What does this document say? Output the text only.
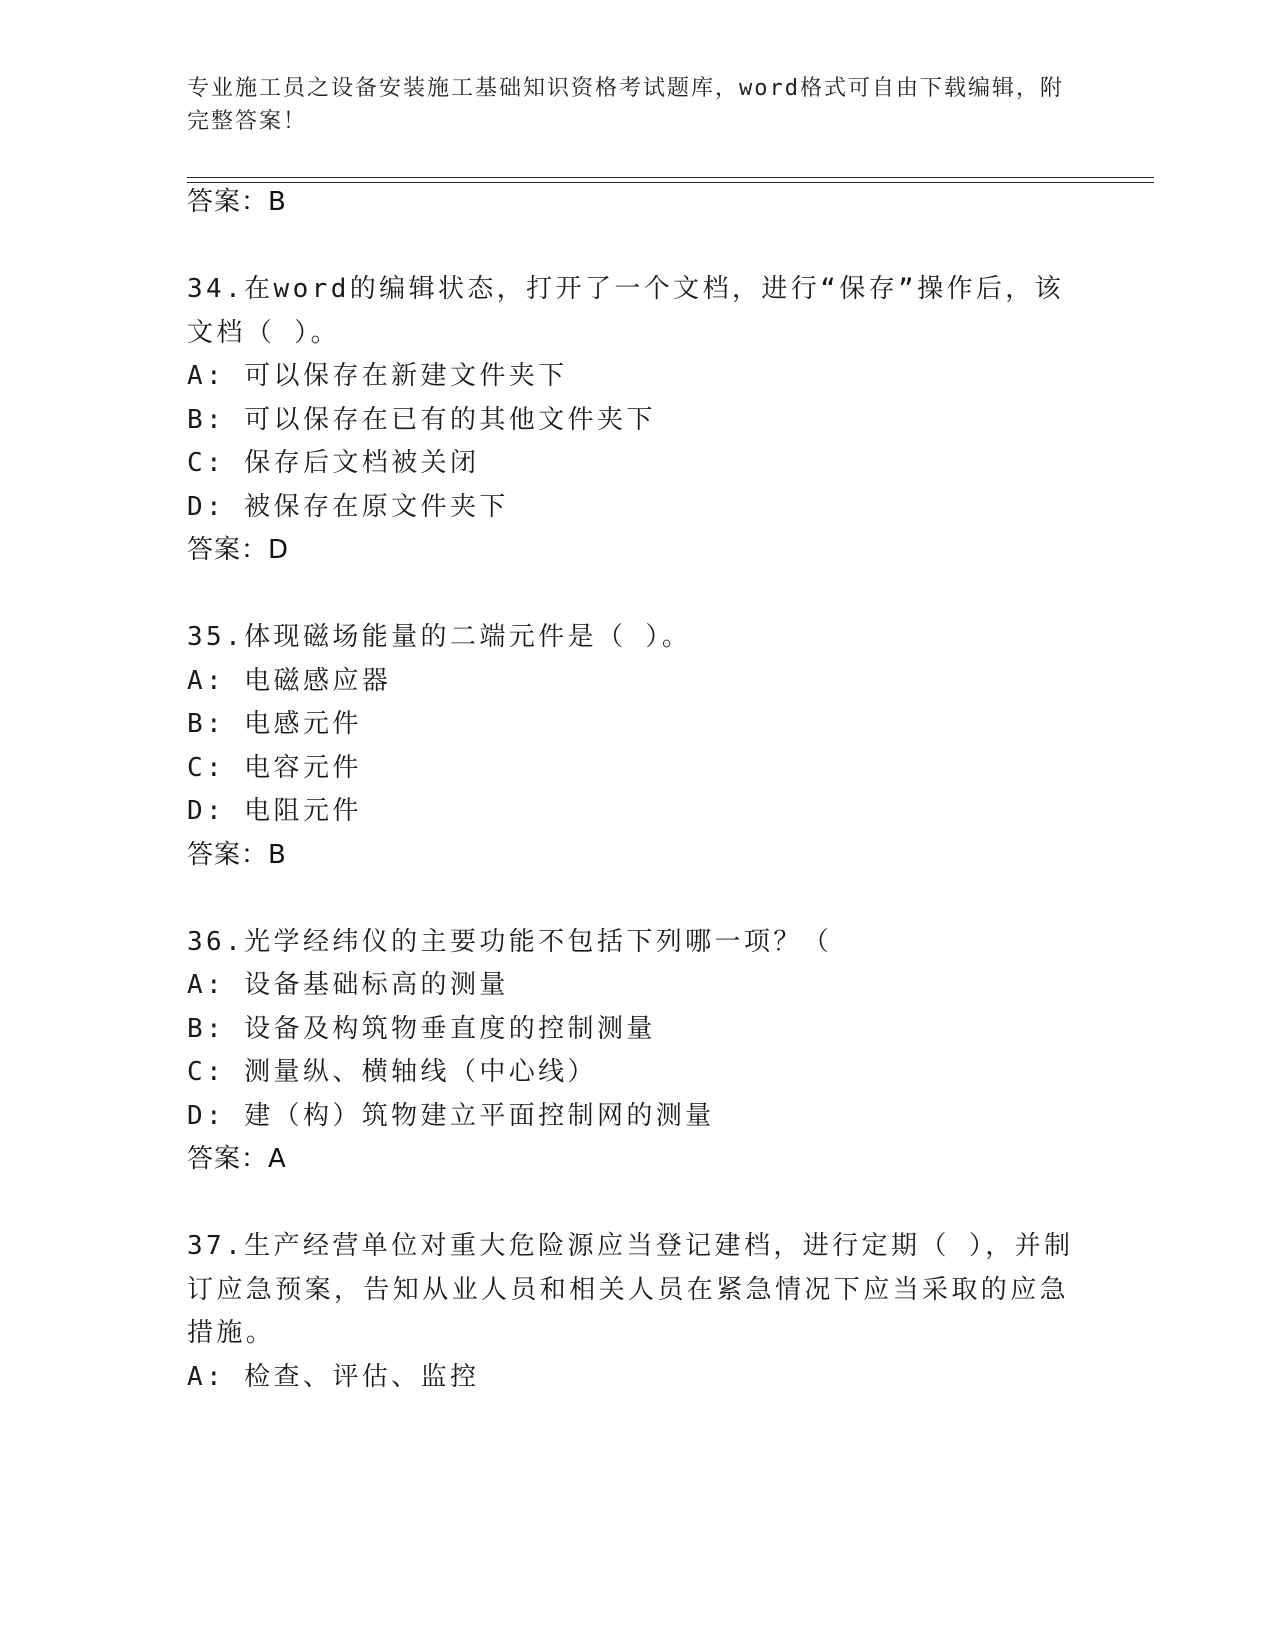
专业施工员之设备安装施工基础知识资格考试题库，word格式可自由下载编辑，附完整答案！
答案：B
34.在word的编辑状态，打开了一个文档，进行“保存”操作后，该
文档（ ）。
A: 可以保存在新建文件夹下
B: 可以保存在已有的其他文件夹下
C: 保存后文档被关闭
D: 被保存在原文件夹下
答案：D
35.体现磁场能量的二端元件是（ ）。
A: 电磁感应器
B: 电感元件
C: 电容元件
D: 电阻元件
答案：B
36.光学经纬仪的主要功能不包括下列哪一项？（
A: 设备基础标高的测量
B: 设备及构筑物垂直度的控制测量
C: 测量纵、横轴线（中心线）
D: 建（构）筑物建立平面控制网的测量
答案：A
37.生产经营单位对重大危险源应当登记建档，进行定期（ ），并制
订应急预案，告知从业人员和相关人员在紧急情况下应当采取的应急
措施。
A: 检查、评估、监控
